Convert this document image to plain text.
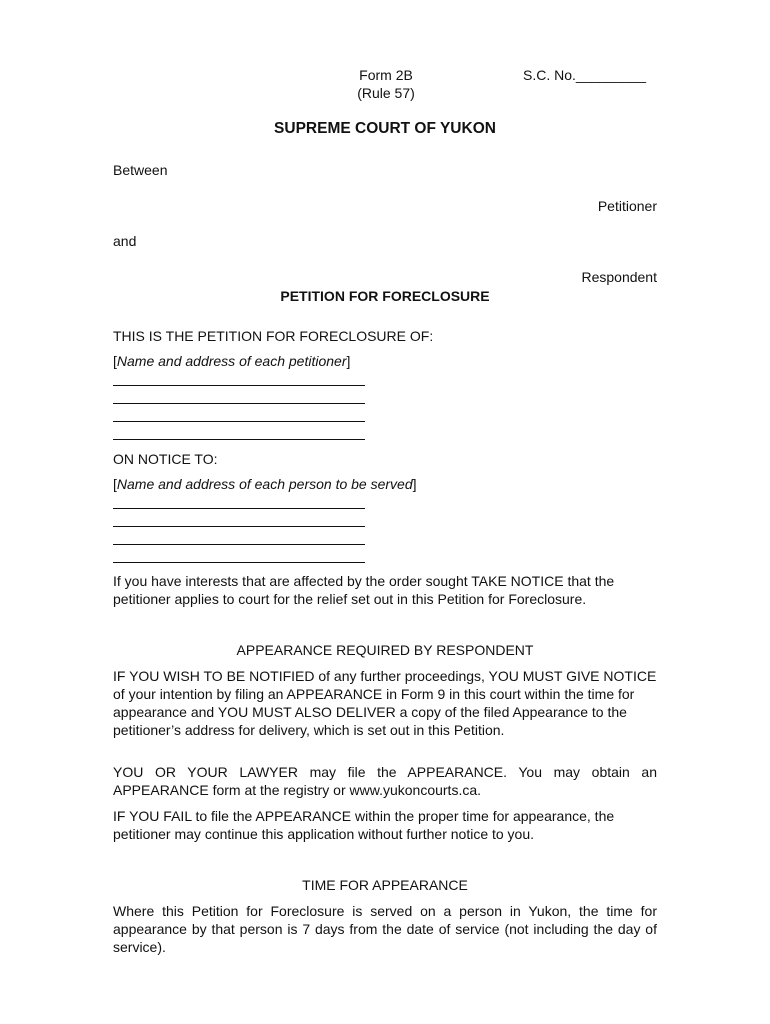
Form 2B
(Rule 57)
S.C. No._________
SUPREME COURT OF YUKON
Between
Petitioner
and
Respondent
PETITION FOR FORECLOSURE
THIS IS THE PETITION FOR FORECLOSURE OF:
[Name and address of each petitioner]
ON NOTICE TO:
[Name and address of each person to be served]

If you have interests that are affected by the order sought TAKE NOTICE that the petitioner applies to court for the relief set out in this Petition for Foreclosure.

APPEARANCE REQUIRED BY RESPONDENT

IF YOU WISH TO BE NOTIFIED of any further proceedings, YOU MUST GIVE NOTICE of your intention by filing an APPEARANCE in Form 9 in this court within the time for appearance and YOU MUST ALSO DELIVER a copy of the filed Appearance to the petitioner’s address for delivery, which is set out in this Petition.

YOU OR YOUR LAWYER may file the APPEARANCE. You may obtain an APPEARANCE form at the registry or www.yukoncourts.ca.

IF YOU FAIL to file the APPEARANCE within the proper time for appearance, the petitioner may continue this application without further notice to you.

TIME FOR APPEARANCE

Where this Petition for Foreclosure is served on a person in Yukon, the time for appearance by that person is 7 days from the date of service (not including the day of service).
